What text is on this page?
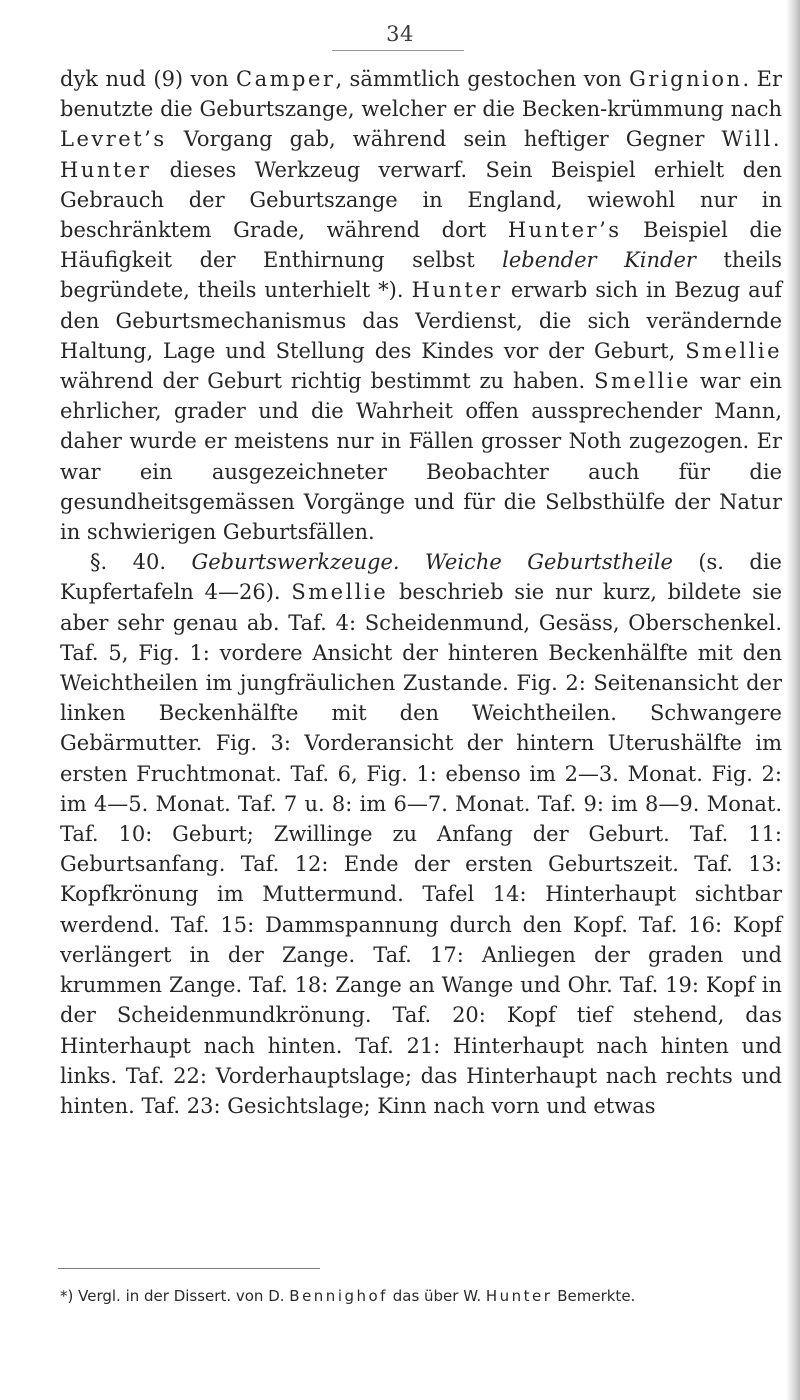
34

dyk nud (9) von Camper, sämmtlich gestochen von Grignion. Er benutzte die Geburtszange, welcher er die Becken-krümmung nach Levret’s Vorgang gab, während sein heftiger Gegner Will. Hunter dieses Werkzeug verwarf. Sein Beispiel erhielt den Gebrauch der Geburtszange in England, wiewohl nur in beschränktem Grade, während dort Hunter’s Beispiel die Häufigkeit der Enthirnung selbst lebender Kinder theils begründete, theils unterhielt *). Hunter erwarb sich in Bezug auf den Geburtsmechanismus das Verdienst, die sich verändernde Haltung, Lage und Stellung des Kindes vor der Geburt, Smellie während der Geburt richtig bestimmt zu haben. Smellie war ein ehrlicher, grader und die Wahrheit offen aussprechender Mann, daher wurde er meistens nur in Fällen grosser Noth zugezogen. Er war ein ausgezeichneter Beobachter auch für die gesundheitsgemässen Vorgänge und für die Selbsthülfe der Natur in schwierigen Geburtsfällen.

§. 40. Geburtswerkzeuge. Weiche Geburtstheile (s. die Kupfertafeln 4—26). Smellie beschrieb sie nur kurz, bildete sie aber sehr genau ab. Taf. 4: Scheidenmund, Gesäss, Oberschenkel. Taf. 5, Fig. 1: vordere Ansicht der hinteren Beckenhälfte mit den Weichtheilen im jungfräulichen Zustande. Fig. 2: Seitenansicht der linken Beckenhälfte mit den Weichtheilen. Schwangere Gebärmutter. Fig. 3: Vorderansicht der hintern Uterushälfte im ersten Fruchtmonat. Taf. 6, Fig. 1: ebenso im 2—3. Monat. Fig. 2: im 4—5. Monat. Taf. 7 u. 8: im 6—7. Monat. Taf. 9: im 8—9. Monat. Taf. 10: Geburt; Zwillinge zu Anfang der Geburt. Taf. 11: Geburtsanfang. Taf. 12: Ende der ersten Geburtszeit. Taf. 13: Kopfkrönung im Muttermund. Tafel 14: Hinterhaupt sichtbar werdend. Taf. 15: Dammspannung durch den Kopf. Taf. 16: Kopf verlängert in der Zange. Taf. 17: Anliegen der graden und krummen Zange. Taf. 18: Zange an Wange und Ohr. Taf. 19: Kopf in der Scheidenmundkrönung. Taf. 20: Kopf tief stehend, das Hinterhaupt nach hinten. Taf. 21: Hinterhaupt nach hinten und links. Taf. 22: Vorderhauptslage; das Hinterhaupt nach rechts und hinten. Taf. 23: Gesichtslage; Kinn nach vorn und etwas

*) Vergl. in der Dissert. von D. Bennighof das über W. Hunter Bemerkte.
